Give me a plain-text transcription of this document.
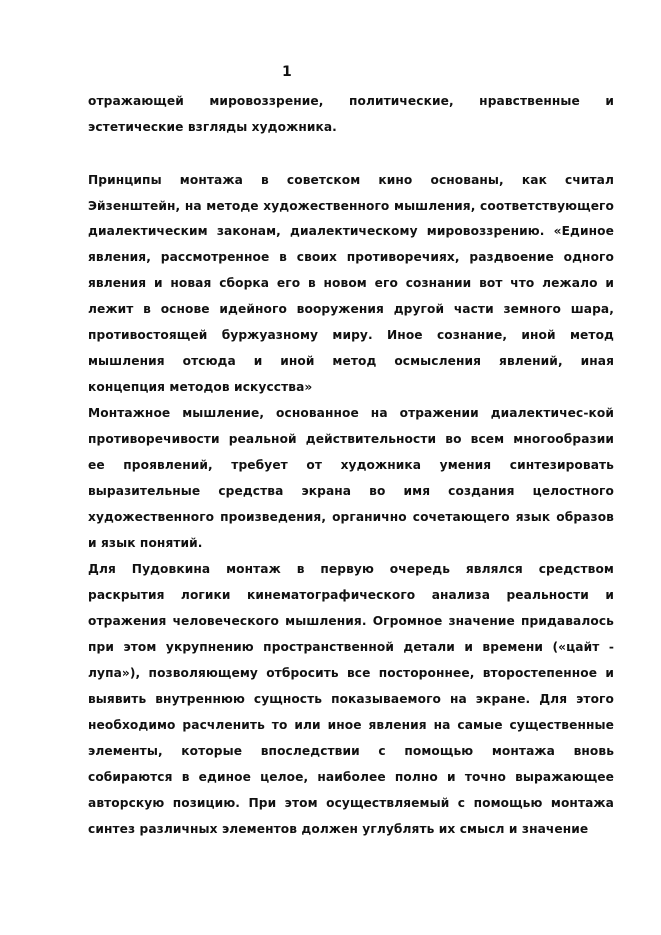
1
отражающей мировоззрение, политические, нравственные и
эстетические взгляды художника.
Принципы монтажа в советском кино основаны, как считал
Эйзенштейн, на методе художественного мышления, соответствующего
диалектическим законам, диалектическому мировоззрению. «Единое
явления, рассмотренное в своих противоречиях, раздвоение одного
явления и новая сборка его в новом его сознании вот что лежало и
лежит в основе идейного вооружения другой части земного шара,
противостоящей буржуазному миру. Иное сознание, иной метод
мышления отсюда и иной метод осмысления явлений, иная
концепция методов искусства»
Монтажное мышление, основанное на отражении диалектичес-кой
противоречивости реальной действительности во всем многообразии
ее проявлений, требует от художника умения синтезировать
выразительные средства экрана во имя создания целостного
художественного произведения, органично сочетающего язык образов
и язык понятий.
Для Пудовкина монтаж в первую очередь являлся средством
раскрытия логики кинематографического анализа реальности и
отражения человеческого мышления. Огромное значение придавалось
при этом укрупнению пространственной детали и времени («цайт -
лупа»), позволяющему отбросить все постороннее, второстепенное и
выявить внутреннюю сущность показываемого на экране. Для этого
необходимо расчленить то или иное явления на самые существенные
элементы, которые впоследствии с помощью монтажа вновь
собираются в единое целое, наиболее полно и точно выражающее
авторскую позицию. При этом осуществляемый с помощью монтажа
синтез различных элементов должен углублять их смысл и значение
